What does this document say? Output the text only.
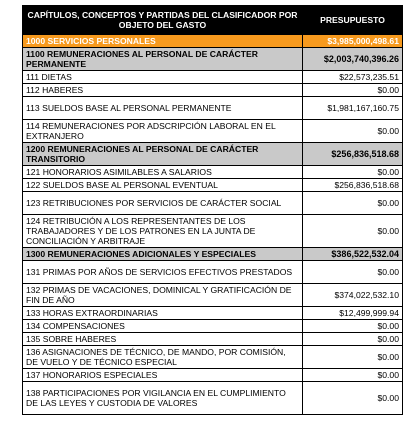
CAPÍTULOS, CONCEPTOS Y PARTIDAS DEL CLASIFICADOR POR OBJETO DEL GASTO	PRESUPUESTO
1000 SERVICIOS PERSONALES	$3,985,000,498.61
1100 REMUNERACIONES AL PERSONAL DE CARÁCTER PERMANENTE	$2,003,740,396.26
111 DIETAS	$22,573,235.51
112 HABERES	$0.00
113 SUELDOS BASE AL PERSONAL PERMANENTE	$1,981,167,160.75
114 REMUNERACIONES POR ADSCRIPCIÓN LABORAL EN EL EXTRANJERO	$0.00
1200 REMUNERACIONES AL PERSONAL DE CARÁCTER TRANSITORIO	$256,836,518.68
121 HONORARIOS ASIMILABLES A SALARIOS	$0.00
122 SUELDOS BASE AL PERSONAL EVENTUAL	$256,836,518.68
123 RETRIBUCIONES POR SERVICIOS DE CARÁCTER SOCIAL	$0.00
124 RETRIBUCIÓN A LOS REPRESENTANTES DE LOS TRABAJADORES Y DE LOS PATRONES EN LA JUNTA DE CONCILIACIÓN Y ARBITRAJE	$0.00
1300 REMUNERACIONES ADICIONALES Y ESPECIALES	$386,522,532.04
131 PRIMAS POR AÑOS DE SERVICIOS EFECTIVOS PRESTADOS	$0.00
132 PRIMAS DE VACACIONES, DOMINICAL Y GRATIFICACIÓN DE FIN DE AÑO	$374,022,532.10
133 HORAS EXTRAORDINARIAS	$12,499,999.94
134 COMPENSACIONES	$0.00
135 SOBRE HABERES	$0.00
136 ASIGNACIONES DE TÉCNICO, DE MANDO, POR COMISIÓN, DE VUELO Y DE TÉCNICO ESPECIAL	$0.00
137 HONORARIOS ESPECIALES	$0.00
138 PARTICIPACIONES POR VIGILANCIA EN EL CUMPLIMIENTO DE LAS LEYES Y CUSTODIA DE VALORES	$0.00
